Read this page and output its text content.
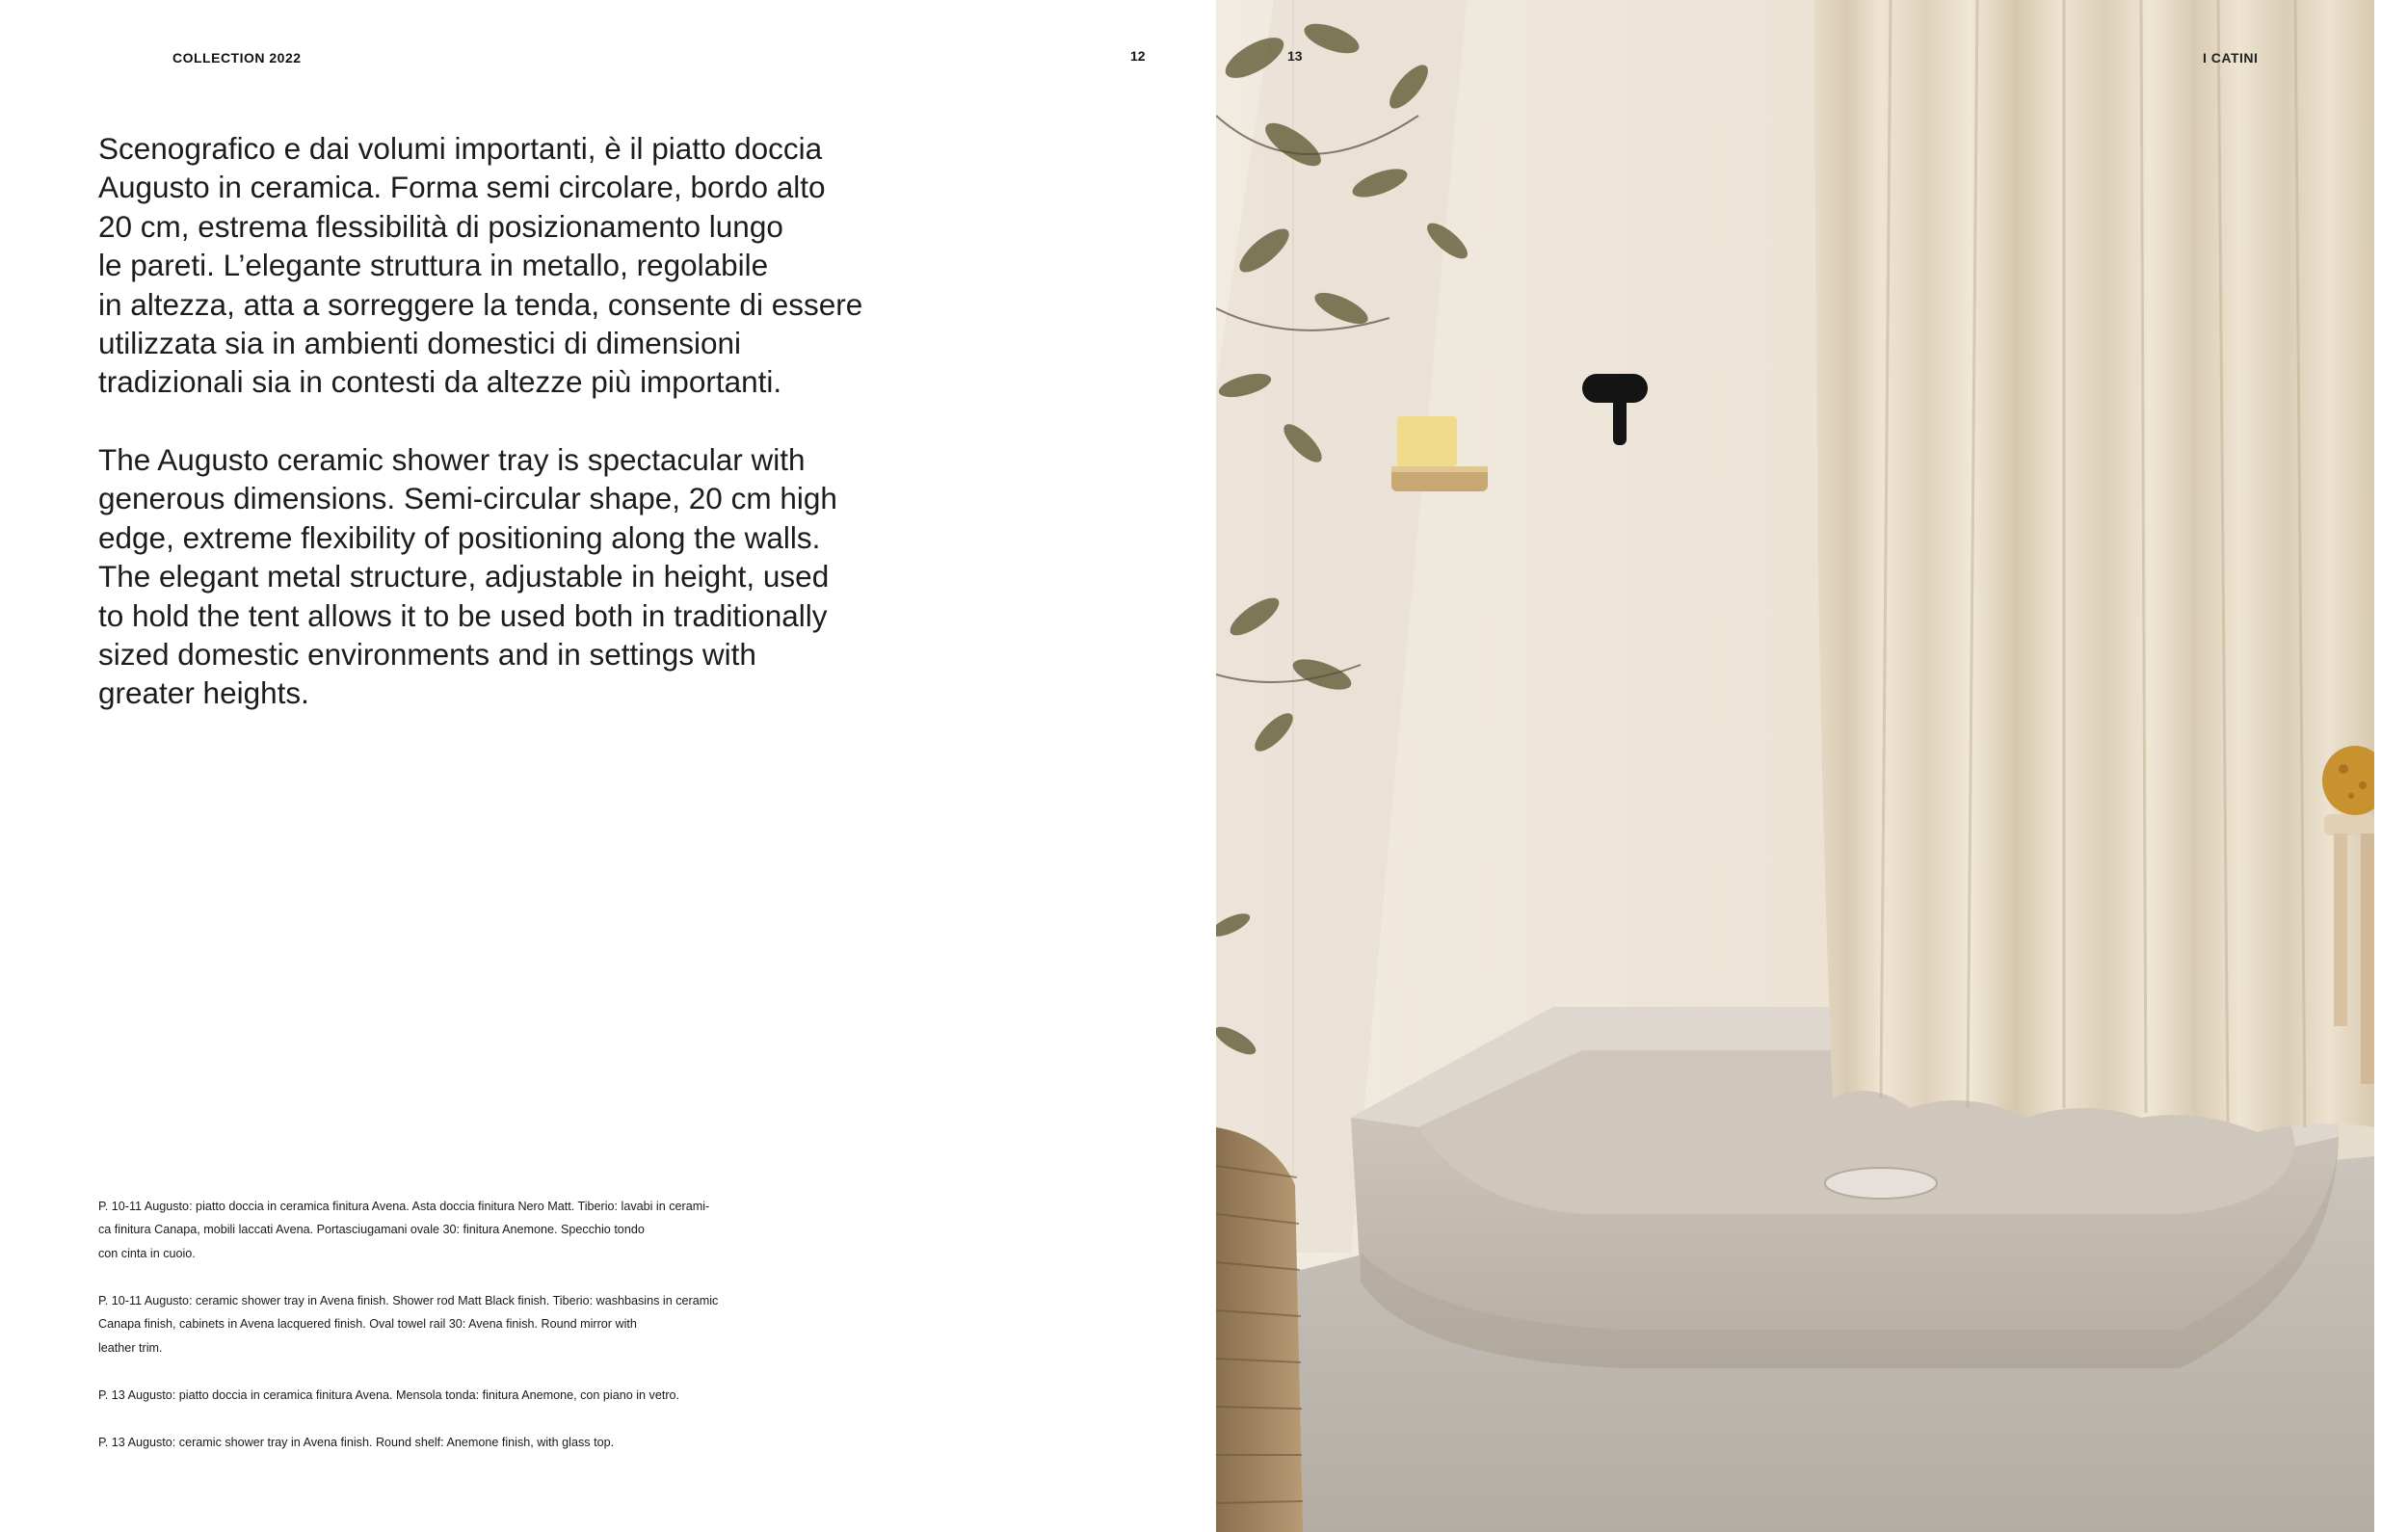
COLLECTION 2022	12

Scenografico e dai volumi importanti, è il piatto doccia
Augusto in ceramica. Forma semi circolare, bordo alto
20 cm, estrema flessibilità di posizionamento lungo
le pareti. L’elegante struttura in metallo, regolabile
in altezza, atta a sorreggere la tenda, consente di essere
utilizzata sia in ambienti domestici di dimensioni
tradizionali sia in contesti da altezze più importanti.

The Augusto ceramic shower tray is spectacular with
generous dimensions. Semi-circular shape, 20 cm high
edge, extreme flexibility of positioning along the walls.
The elegant metal structure, adjustable in height, used
to hold the tent allows it to be used both in traditionally
sized domestic environments and in settings with
greater heights.

P. 10-11 Augusto: piatto doccia in ceramica finitura Avena. Asta doccia finitura Nero Matt. Tiberio: lavabi in cerami-
ca finitura Canapa, mobili laccati Avena. Portasciugamani ovale 30: finitura Anemone. Specchio tondo
con cinta in cuoio.

P. 10-11 Augusto: ceramic shower tray in Avena finish. Shower rod Matt Black finish. Tiberio: washbasins in ceramic
Canapa finish, cabinets in Avena lacquered finish. Oval towel rail 30: Avena finish. Round mirror with
leather trim.

P. 13 Augusto: piatto doccia in ceramica finitura Avena. Mensola tonda: finitura Anemone, con piano in vetro.

P. 13 Augusto: ceramic shower tray in Avena finish. Round shelf: Anemone finish, with glass top.

13	I CATINI
